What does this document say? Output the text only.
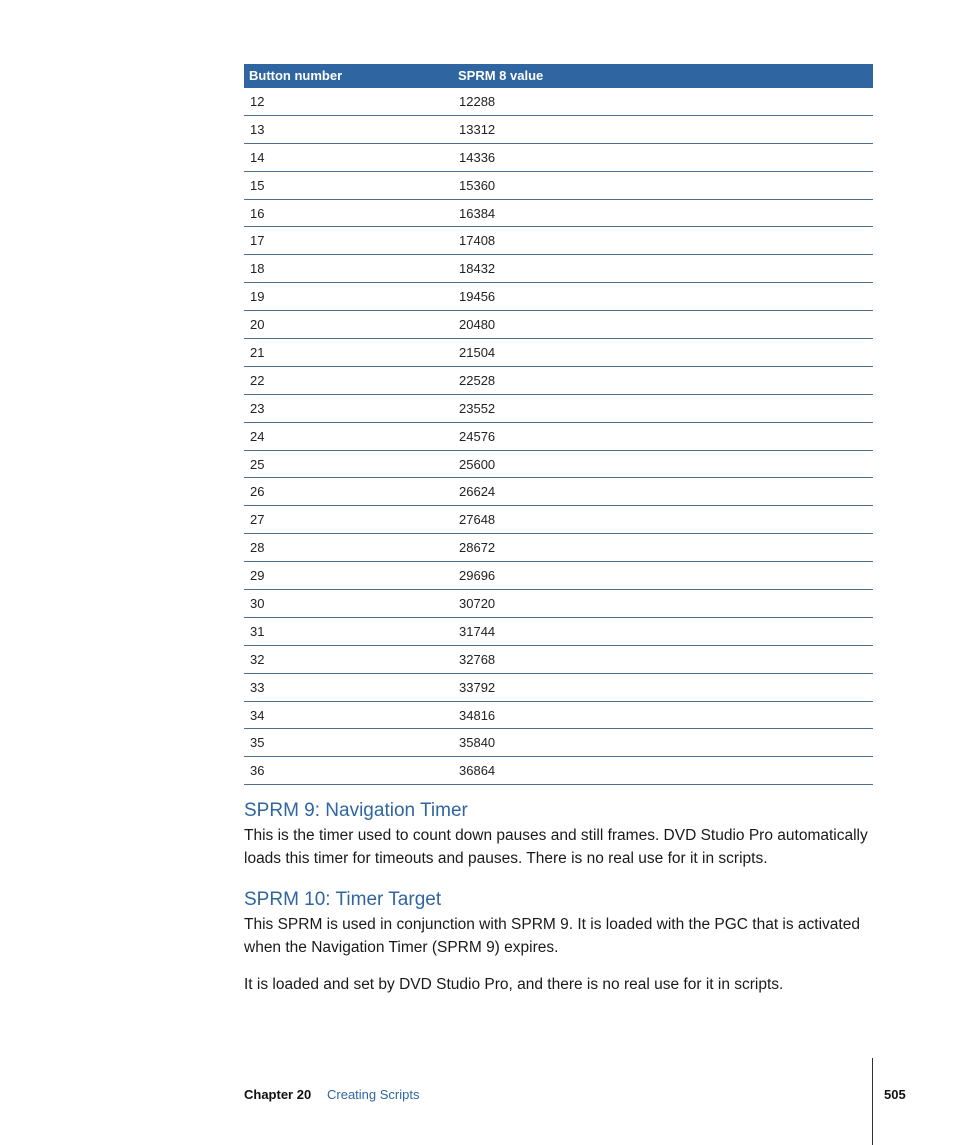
Button number	SPRM 8 value
12	12288
13	13312
14	14336
15	15360
16	16384
17	17408
18	18432
19	19456
20	20480
21	21504
22	22528
23	23552
24	24576
25	25600
26	26624
27	27648
28	28672
29	29696
30	30720
31	31744
32	32768
33	33792
34	34816
35	35840
36	36864
SPRM 9: Navigation Timer

This is the timer used to count down pauses and still frames. DVD Studio Pro automatically loads this timer for timeouts and pauses. There is no real use for it in scripts.

SPRM 10: Timer Target

This SPRM is used in conjunction with SPRM 9. It is loaded with the PGC that is activated when the Navigation Timer (SPRM 9) expires.

It is loaded and set by DVD Studio Pro, and there is no real use for it in scripts.

Chapter 20 Creating Scripts	505
